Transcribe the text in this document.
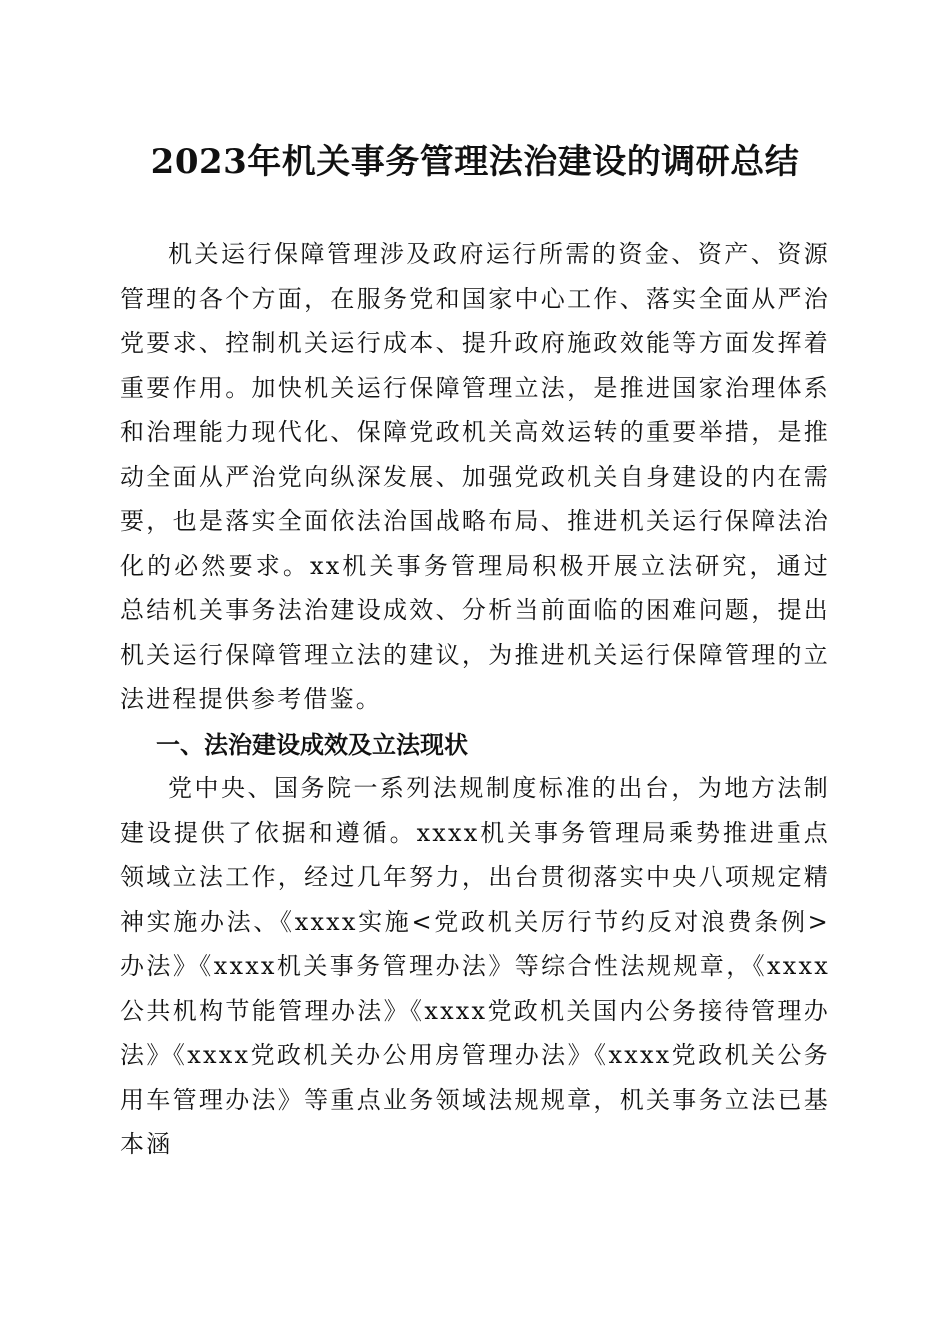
2023年机关事务管理法治建设的调研总结

机关运行保障管理涉及政府运行所需的资金、资产、资源管理的各个方面，在服务党和国家中心工作、落实全面从严治党要求、控制机关运行成本、提升政府施政效能等方面发挥着重要作用。加快机关运行保障管理立法，是推进国家治理体系和治理能力现代化、保障党政机关高效运转的重要举措，是推动全面从严治党向纵深发展、加强党政机关自身建设的内在需要，也是落实全面依法治国战略布局、推进机关运行保障法治化的必然要求。xx机关事务管理局积极开展立法研究，通过总结机关事务法治建设成效、分析当前面临的困难问题，提出机关运行保障管理立法的建议，为推进机关运行保障管理的立法进程提供参考借鉴。

一、法治建设成效及立法现状

党中央、国务院一系列法规制度标准的出台，为地方法制建设提供了依据和遵循。xxxx机关事务管理局乘势推进重点领域立法工作，经过几年努力，出台贯彻落实中央八项规定精神实施办法、《xxxx实施<党政机关厉行节约反对浪费条例>办法》《xxxx机关事务管理办法》等综合性法规规章，《xxxx公共机构节能管理办法》《xxxx党政机关国内公务接待管理办法》《xxxx党政机关办公用房管理办法》《xxxx党政机关公务用车管理办法》等重点业务领域法规规章，机关事务立法已基本涵
